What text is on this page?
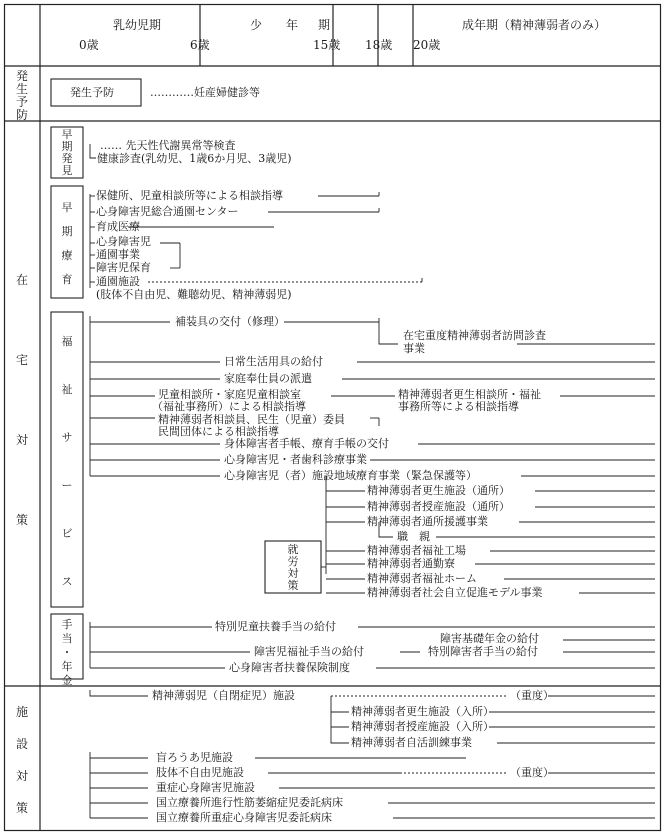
乳幼児期	少 年 期	成年期（精神薄弱者のみ）
0歳	6歳	15歳 18歳 20歳
発
生
予
防
在
宅
対
策
施
設
対
策
早
期
発
見
早
期
療
育
福
祉
サ
ー
ビ
ス
手
当
・
年
金
就
労
対
策
発生予防	…………妊産婦健診等
…… 先天性代謝異常等検査
健康診査(乳幼児、1歳6か月児、3歳児)
保健所、児童相談所等による相談指導
心身障害児総合通園センター
育成医療
心身障害児
通園事業
障害児保育
通園施設
(肢体不自由児、難聴幼児、精神薄弱児)
補装具の交付（修理）
在宅重度精神薄弱者訪問診査
事業
日常生活用具の給付
家庭奉仕員の派遣
児童相談所・家庭児童相談室
（福祉事務所）による相談指導
精神薄弱者更生相談所・福祉
事務所等による相談指導
精神薄弱者相談員、民生（児童）委員
民間団体による相談指導
身体障害者手帳、療育手帳の交付
心身障害児・者歯科診療事業
心身障害児（者）施設地域療育事業（緊急保護等）
精神薄弱者更生施設（通所）
精神薄弱者授産施設（通所）
精神薄弱者通所援護事業
職　親
精神薄弱者福祉工場
精神薄弱者通勤寮
精神薄弱者福祉ホーム
精神薄弱者社会自立促進モデル事業
特別児童扶養手当の給付
障害基礎年金の給付
障害児福祉手当の給付	特別障害者手当の給付
心身障害者扶養保険制度
精神薄弱児（自閉症児）施設	（重度）
精神薄弱者更生施設（入所）
精神薄弱者授産施設（入所）
精神薄弱者自活訓練事業
盲ろうあ児施設
肢体不自由児施設	（重度）
重症心身障害児施設
国立療養所進行性筋萎縮症児委託病床
国立療養所重症心身障害児委託病床
